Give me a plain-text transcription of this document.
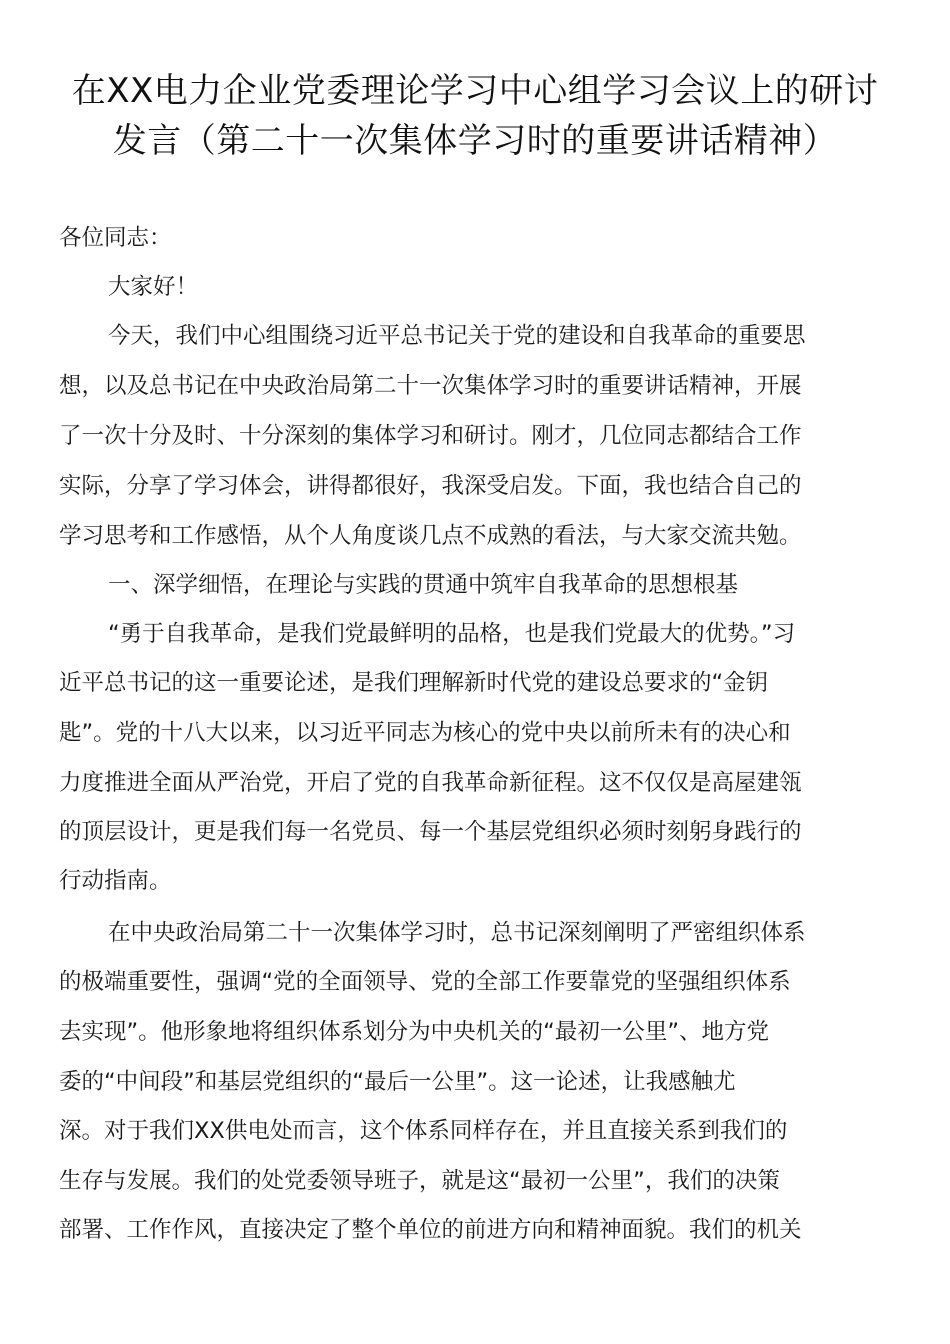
在XX电力企业党委理论学习中心组学习会议上的研讨
发言（第二十一次集体学习时的重要讲话精神）
各位同志：
大家好！
今天，我们中心组围绕习近平总书记关于党的建设和自我革命的重要思
想，以及总书记在中央政治局第二十一次集体学习时的重要讲话精神，开展
了一次十分及时、十分深刻的集体学习和研讨。刚才，几位同志都结合工作
实际，分享了学习体会，讲得都很好，我深受启发。下面，我也结合自己的
学习思考和工作感悟，从个人角度谈几点不成熟的看法，与大家交流共勉。
一、深学细悟，在理论与实践的贯通中筑牢自我革命的思想根基
“勇于自我革命，是我们党最鲜明的品格，也是我们党最大的优势。”习
近平总书记的这一重要论述，是我们理解新时代党的建设总要求的“金钥
匙”。党的十八大以来，以习近平同志为核心的党中央以前所未有的决心和
力度推进全面从严治党，开启了党的自我革命新征程。这不仅仅是高屋建瓴
的顶层设计，更是我们每一名党员、每一个基层党组织必须时刻躬身践行的
行动指南。
在中央政治局第二十一次集体学习时，总书记深刻阐明了严密组织体系
的极端重要性，强调“党的全面领导、党的全部工作要靠党的坚强组织体系
去实现”。他形象地将组织体系划分为中央机关的“最初一公里”、地方党
委的“中间段”和基层党组织的“最后一公里”。这一论述，让我感触尤
深。对于我们XX供电处而言，这个体系同样存在，并且直接关系到我们的
生存与发展。我们的处党委领导班子，就是这“最初一公里”，我们的决策
部署、工作作风，直接决定了整个单位的前进方向和精神面貌。我们的机关
